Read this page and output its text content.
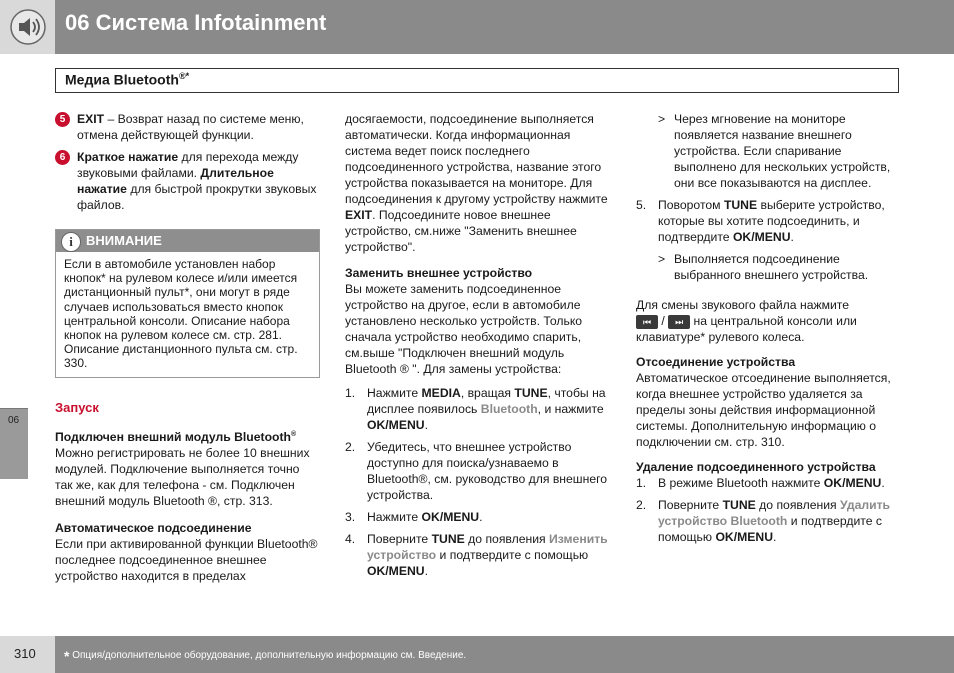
06 Система Infotainment
Медиа Bluetooth®*
5 EXIT – Возврат назад по системе меню, отмена действующей функции.
6 Краткое нажатие для перехода между звуковыми файлами. Длительное нажатие для быстрой прокрутки звуковых файлов.
i	ВНИМАНИЕ
Если в автомобиле установлен набор кнопок* на рулевом колесе и/или имеется дистанционный пульт*, они могут в ряде случаев использоваться вместо кнопок центральной консоли. Описание набора кнопок на рулевом колесе см. стр. 281. Описание дистанционного пульта см. стр. 330.

Запуск

Подключен внешний модуль Bluetooth®

Можно регистрировать не более 10 внешних модулей. Подключение выполняется точно так же, как для телефона - см. Подключен внешний модуль Bluetooth ®, стр. 313.

Автоматическое подсоединение

Если при активированной функции Bluetooth® последнее подсоединенное внешнее устройство находится в пределах

досягаемости, подсоединение выполняется автоматически. Когда информационная система ведет поиск последнего подсоединенного устройства, название этого устройства показывается на мониторе. Для подсоединения к другому устройству нажмите EXIT. Подсоедините новое внешнее устройство, см.ниже "Заменить внешнее устройство".

Заменить внешнее устройство

Вы можете заменить подсоединенное устройство на другое, если в автомобиле установлено несколько устройств. Только сначала устройство необходимо спарить, см.выше "Подключен внешний модуль Bluetooth ® ". Для замены устройства:

1. Нажмите MEDIA, вращая TUNE, чтобы на дисплее появилось Bluetooth, и нажмите OK/MENU.
2. Убедитесь, что внешнее устройство доступно для поиска/узнаваемо в Bluetooth®, см. руководство для внешнего устройства.
3. Нажмите OK/MENU.
4. Поверните TUNE до появления Изменить устройство и подтвердите с помощью OK/MENU.
> Через мгновение на мониторе появляется название внешнего устройства. Если спаривание выполнено для нескольких устройств, они все показываются на дисплее.
5. Поворотом TUNE выберите устройство, которые вы хотите подсоединить, и подтвердите OK/MENU.
> Выполняется подсоединение выбранного внешнего устройства.

Для смены звукового файла нажмите
⏮ / ⏭ на центральной консоли или клавиатуре* рулевого колеса.

Отсоединение устройства

Автоматическое отсоединение выполняется, когда внешнее устройство удаляется за пределы зоны действия информационной системы. Дополнительную информацию о подключении см. стр. 310.

Удаление подсоединенного устройства

1. В режиме Bluetooth нажмите OK/MENU.
2. Поверните TUNE до появления Удалить устройство Bluetooth и подтвердите с помощью OK/MENU.
06
310 * Опция/дополнительное оборудование, дополнительную информацию см. Введение.
